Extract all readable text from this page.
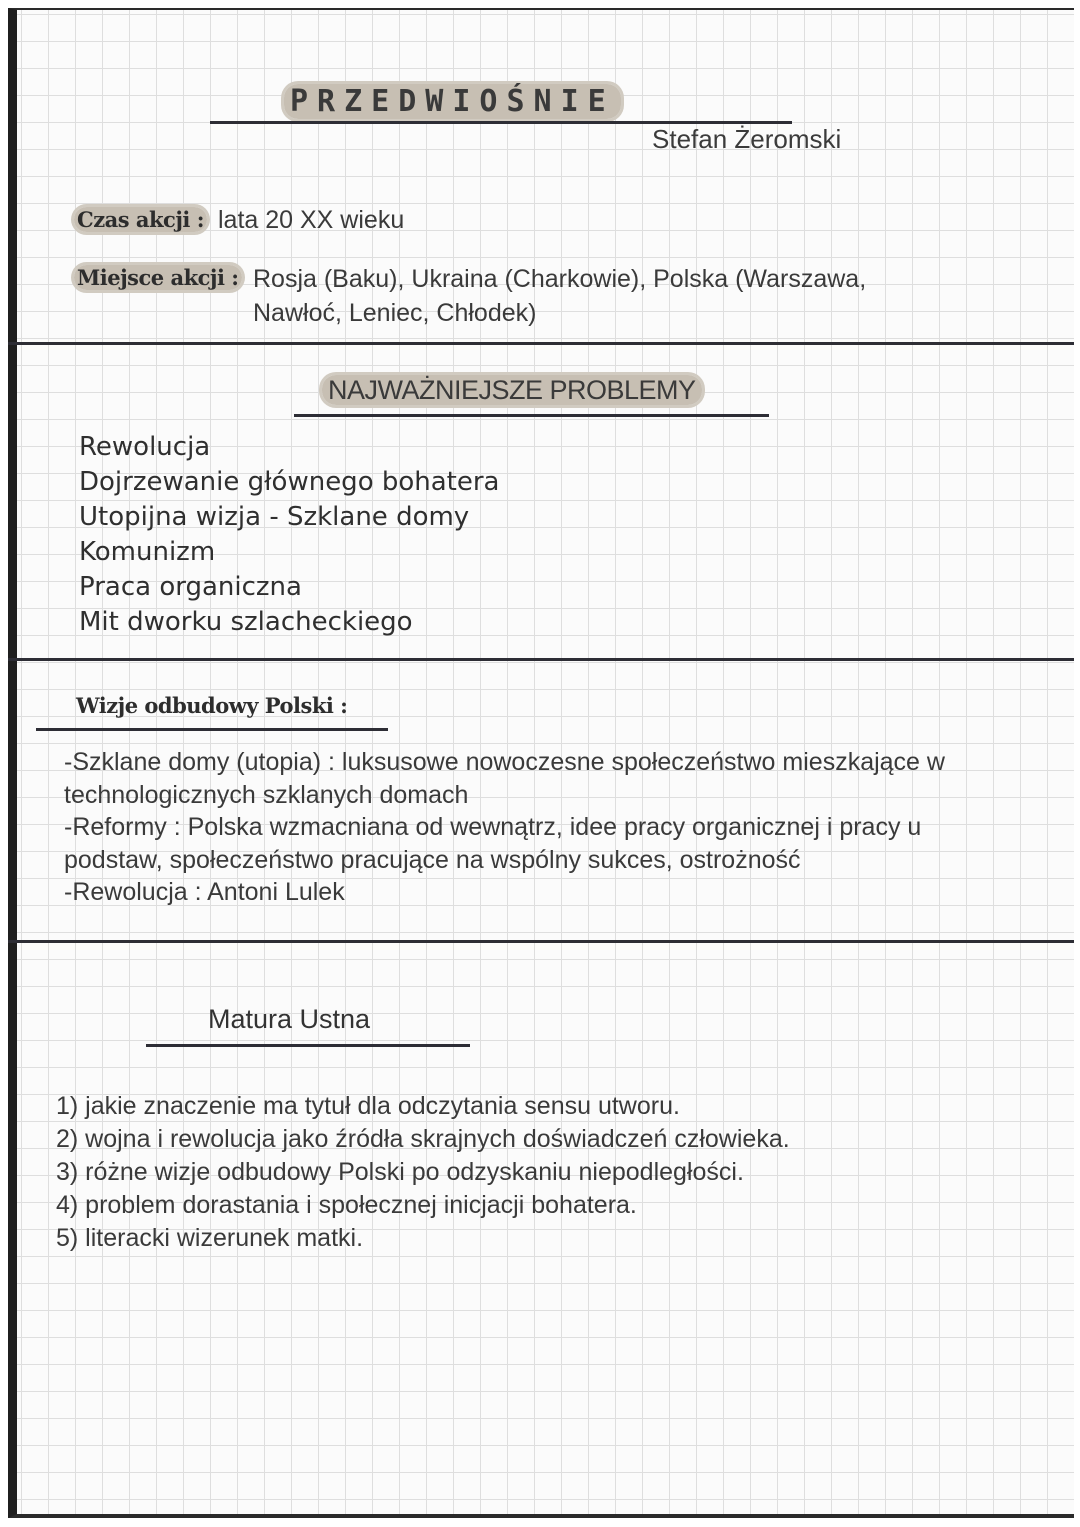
PRZEDWIOŚNIE
Stefan Żeromski
Czas akcji : lata 20 XX wieku
Miejsce akcji : Rosja (Baku), Ukraina (Charkowie), Polska (Warszawa,
Nawłoć, Leniec, Chłodek)
NAJWAŻNIEJSZE PROBLEMY
Rewolucja
Dojrzewanie głównego bohatera
Utopijna wizja - Szklane domy
Komunizm
Praca organiczna
Mit dworku szlacheckiego
Wizje odbudowy Polski :
-Szklane domy (utopia) : luksusowe nowoczesne społeczeństwo mieszkające w
technologicznych szklanych domach
-Reformy : Polska wzmacniana od wewnątrz, idee pracy organicznej i pracy u
podstaw, społeczeństwo pracujące na wspólny sukces, ostrożność
-Rewolucja : Antoni Lulek
Matura Ustna
1) jakie znaczenie ma tytuł dla odczytania sensu utworu.
2) wojna i rewolucja jako źródła skrajnych doświadczeń człowieka.
3) różne wizje odbudowy Polski po odzyskaniu niepodległości.
4) problem dorastania i społecznej inicjacji bohatera.
5) literacki wizerunek matki.
